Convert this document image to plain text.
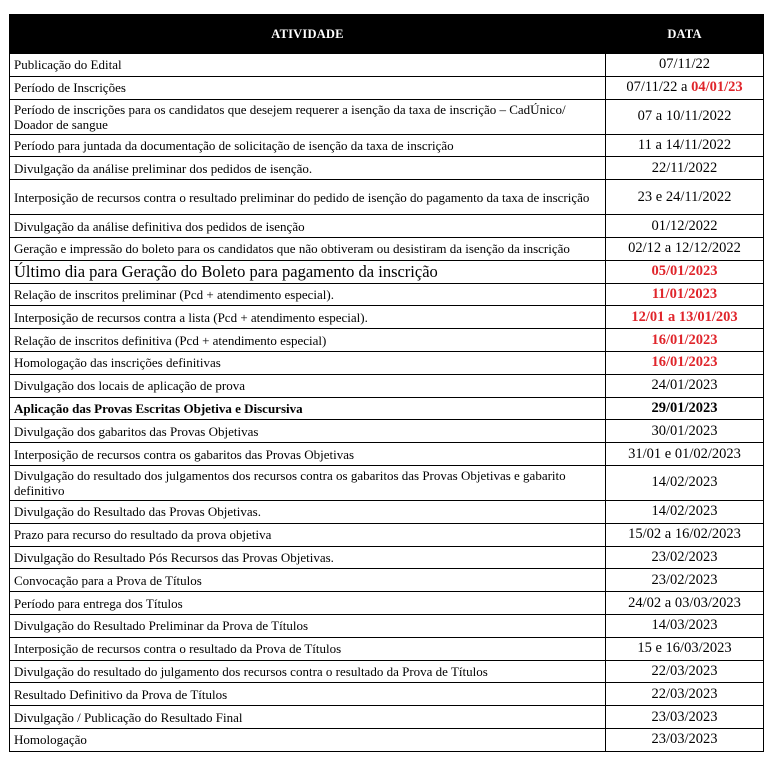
ATIVIDADE	DATA
Publicação do Edital	07/11/22
Período de Inscrições	07/11/22 a 04/01/23
Período de inscrições para os candidatos que desejem requerer a isenção da taxa de inscrição – CadÚnico/ Doador de sangue	07 a 10/11/2022
Período para juntada da documentação de solicitação de isenção da taxa de inscrição	11 a 14/11/2022
Divulgação da análise preliminar dos pedidos de isenção.	22/11/2022
Interposição de recursos contra o resultado preliminar do pedido de isenção do pagamento da taxa de inscrição	23 e 24/11/2022
Divulgação da análise definitiva dos pedidos de isenção	01/12/2022
Geração e impressão do boleto para os candidatos que não obtiveram ou desistiram da isenção da inscrição	02/12 a 12/12/2022
Último dia para Geração do Boleto para pagamento da inscrição	05/01/2023
Relação de inscritos preliminar (Pcd + atendimento especial).	11/01/2023
Interposição de recursos contra a lista (Pcd + atendimento especial).	12/01 a 13/01/203
Relação de inscritos definitiva (Pcd + atendimento especial)	16/01/2023
Homologação das inscrições definitivas	16/01/2023
Divulgação dos locais de aplicação de prova	24/01/2023
Aplicação das Provas Escritas Objetiva e Discursiva	29/01/2023
Divulgação dos gabaritos das Provas Objetivas	30/01/2023
Interposição de recursos contra os gabaritos das Provas Objetivas	31/01 e 01/02/2023
Divulgação do resultado dos julgamentos dos recursos contra os gabaritos das Provas Objetivas e gabarito definitivo	14/02/2023
Divulgação do Resultado das Provas Objetivas.	14/02/2023
Prazo para recurso do resultado da prova objetiva	15/02 a 16/02/2023
Divulgação do Resultado Pós Recursos das Provas Objetivas.	23/02/2023
Convocação para a Prova de Títulos	23/02/2023
Período para entrega dos Títulos	24/02 a 03/03/2023
Divulgação do Resultado Preliminar da Prova de Títulos	14/03/2023
Interposição de recursos contra o resultado da Prova de Títulos	15 e 16/03/2023
Divulgação do resultado do julgamento dos recursos contra o resultado da Prova de Títulos	22/03/2023
Resultado Definitivo da Prova de Títulos	22/03/2023
Divulgação / Publicação do Resultado Final	23/03/2023
Homologação	23/03/2023
